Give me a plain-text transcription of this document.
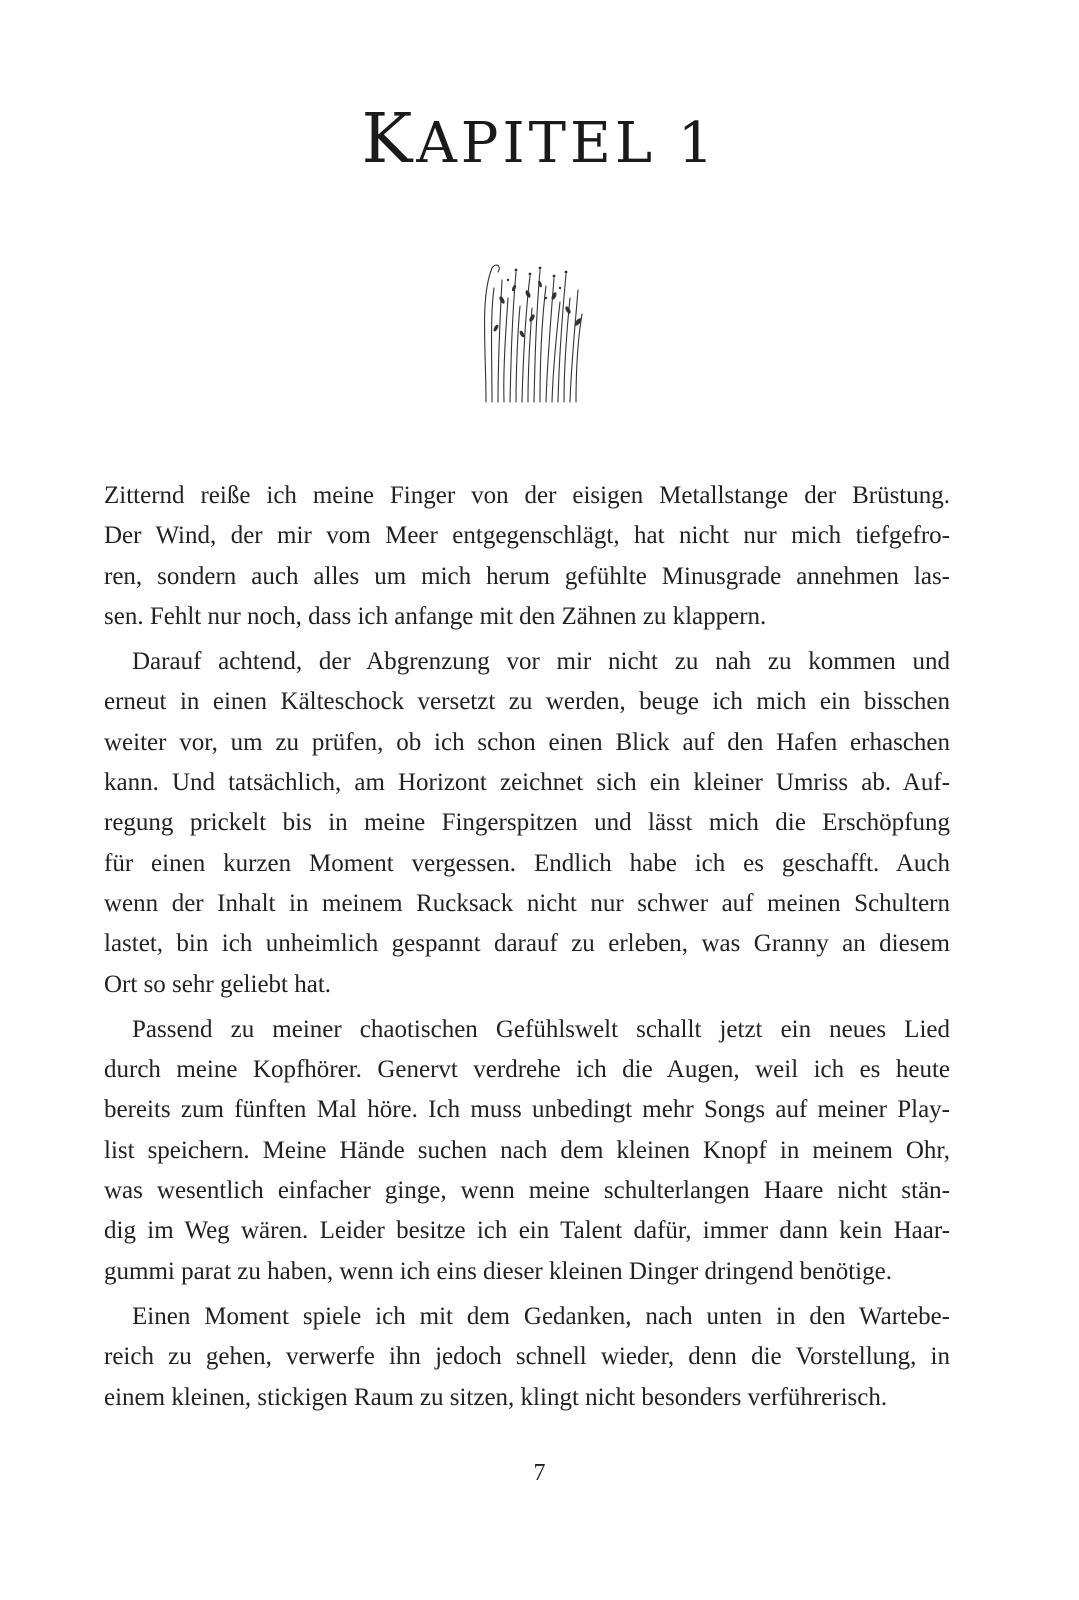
KAPITEL 1
Zitternd reiße ich meine Finger von der eisigen Metallstange der Brüstung.
Der Wind, der mir vom Meer entgegenschlägt, hat nicht nur mich tiefgefro-
ren, sondern auch alles um mich herum gefühlte Minusgrade annehmen las-
sen. Fehlt nur noch, dass ich anfange mit den Zähnen zu klappern.
Darauf achtend, der Abgrenzung vor mir nicht zu nah zu kommen und
erneut in einen Kälteschock versetzt zu werden, beuge ich mich ein bisschen
weiter vor, um zu prüfen, ob ich schon einen Blick auf den Hafen erhaschen
kann. Und tatsächlich, am Horizont zeichnet sich ein kleiner Umriss ab. Auf-
regung prickelt bis in meine Fingerspitzen und lässt mich die Erschöpfung
für einen kurzen Moment vergessen. Endlich habe ich es geschafft. Auch
wenn der Inhalt in meinem Rucksack nicht nur schwer auf meinen Schultern
lastet, bin ich unheimlich gespannt darauf zu erleben, was Granny an diesem
Ort so sehr geliebt hat.
Passend zu meiner chaotischen Gefühlswelt schallt jetzt ein neues Lied
durch meine Kopfhörer. Genervt verdrehe ich die Augen, weil ich es heute
bereits zum fünften Mal höre. Ich muss unbedingt mehr Songs auf meiner Play-
list speichern. Meine Hände suchen nach dem kleinen Knopf in meinem Ohr,
was wesentlich einfacher ginge, wenn meine schulterlangen Haare nicht stän-
dig im Weg wären. Leider besitze ich ein Talent dafür, immer dann kein Haar-
gummi parat zu haben, wenn ich eins dieser kleinen Dinger dringend benötige.
Einen Moment spiele ich mit dem Gedanken, nach unten in den Wartebe-
reich zu gehen, verwerfe ihn jedoch schnell wieder, denn die Vorstellung, in
einem kleinen, stickigen Raum zu sitzen, klingt nicht besonders verführerisch.
7
